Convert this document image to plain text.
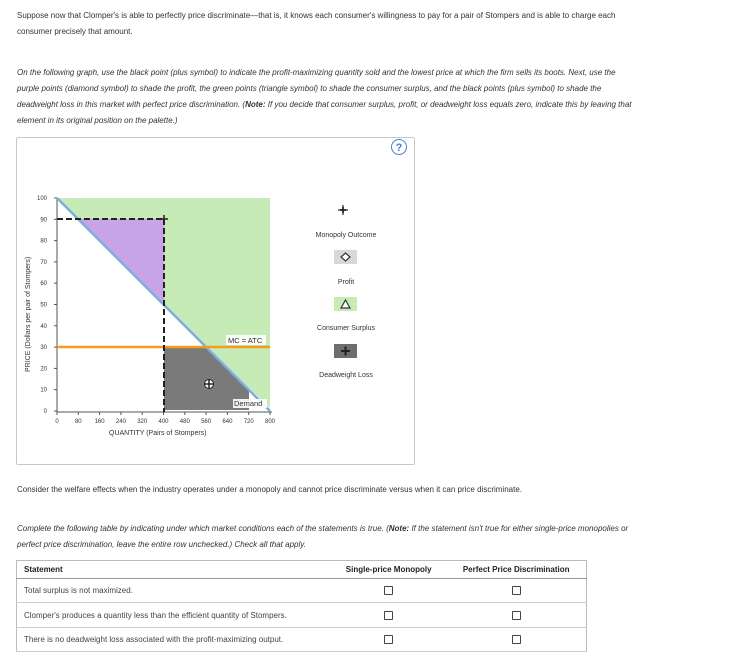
Suppose now that Clomper's is able to perfectly price discriminate—that is, it knows each consumer's willingness to pay for a pair of Stompers and is able to charge each consumer precisely that amount.
On the following graph, use the black point (plus symbol) to indicate the profit-maximizing quantity sold and the lowest price at which the firm sells its boots. Next, use the purple points (diamond symbol) to shade the profit, the green points (triangle symbol) to shade the consumer surplus, and the black points (plus symbol) to shade the deadweight loss in this market with perfect price discrimination. (Note: If you decide that consumer surplus, profit, or deadweight loss equals zero, indicate this by leaving that element in its original position on the palette.)
?
100
90
80
70
60
50
40
30
20
10
0
0	80 160 240 320 400 480 560 640 720 800
MC = ATC
Demand
QUANTITY (Pairs of Stompers)
PRICE (Dollars per pair of Stompers)
Monopoly Outcome
Profit
Consumer Surplus
Deadweight Loss
Consider the welfare effects when the industry operates under a monopoly and cannot price discriminate versus when it can price discriminate.
Complete the following table by indicating under which market conditions each of the statements is true. (Note: If the statement isn't true for either single-price monopolies or perfect price discrimination, leave the entire row unchecked.) Check all that apply.
Statement	Single-price Monopoly	Perfect Price Discrimination
Total surplus is not maximized.		
Clomper's produces a quantity less than the efficient quantity of Stompers.		
There is no deadweight loss associated with the profit-maximizing output.		
